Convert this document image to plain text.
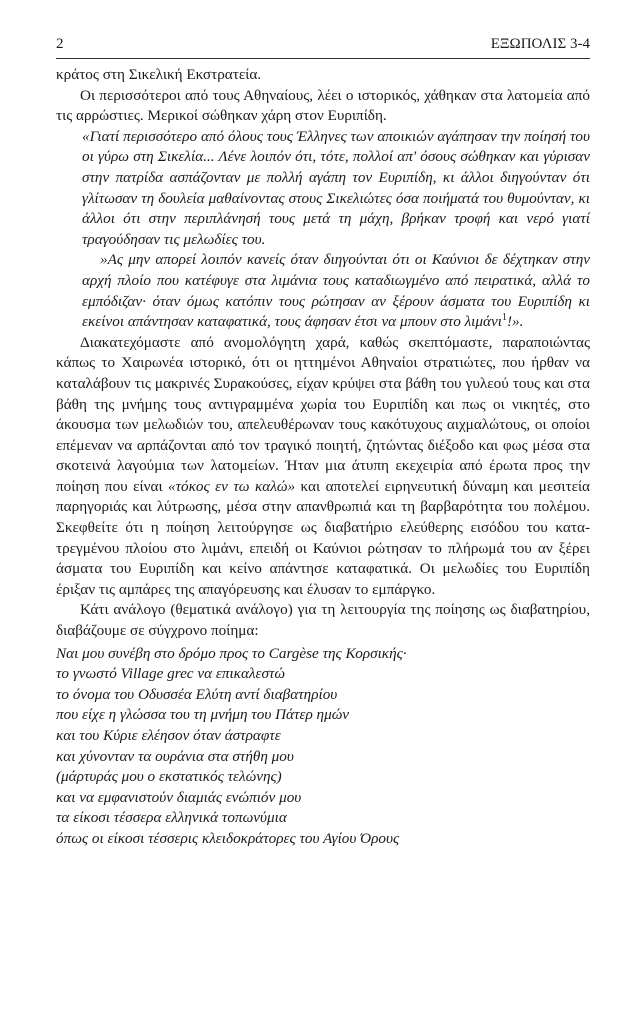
2	ΕΞΩΠΟΛΙΣ 3-4

κράτος στη Σικελική Εκστρατεία.

Οι περισσότεροι από τους Αθηναίους, λέει ο ιστορικός, χάθηκαν στα λατομεία από τις αρρώστιες. Μερικοί σώθηκαν χάρη στον Ευριπίδη.

«Γιατί περισσότερο από όλους τους Έλληνες των αποικιών αγάπησαν την ποίησή του οι γύρω στη Σικελία... Λένε λοιπόν ότι, τότε, πολλοί απ' όσους σώθηκαν και γύρισαν στην πατρίδα ασπάζονταν με πολλή αγάπη τον Ευριπίδη, κι άλλοι διηγούνταν ότι γλίτωσαν τη δουλεία μαθαίνοντας στους Σικελιώτες όσα ποιήματά του θυμούνταν, κι άλλοι ότι στην περιπλάνησή τους μετά τη μάχη, βρήκαν τροφή και νερό γιατί τραγούδησαν τις μελωδίες του.

»Ας μην απορεί λοιπόν κανείς όταν διηγούνται ότι οι Καύνιοι δε δέχτηκαν στην αρχή πλοίο που κατέφυγε στα λιμάνια τους καταδιωγμένο από πειρατικά, αλλά το εμπόδιζαν· όταν όμως κατόπιν τους ρώτησαν αν ξέρουν άσματα του Ευριπίδη κι εκείνοι απάντησαν καταφατικά, τους άφησαν έτσι να μπουν στο λιμάνι$^1$!».

Διακατεχόμαστε από ανομολόγητη χαρά, καθώς σκεπτόμαστε, παραποιώντας κάπως το Χαιρωνέα ιστορικό, ότι οι ηττημένοι Αθηναίοι στρατιώτες, που ήρθαν να καταλάβουν τις μακρινές Συρακούσες, είχαν κρύψει στα βάθη του γυλεού τους και στα βάθη της μνήμης τους αντιγραμμένα χωρία του Ευριπίδη και πως οι νικητές, στο άκουσμα των μελωδιών του, απελευθέρωναν τους κακότυχους αιχμαλώτους, οι οποίοι επέμεναν να αρπάζονται από τον τραγικό ποιητή, ζητώντας διέξοδο και φως μέσα στα σκοτεινά λαγούμια των λατομείων. Ήταν μια άτυπη εκεχειρία από έρωτα προς την ποίηση που είναι «τόκος εν τω καλώ» και αποτελεί ειρηνευτική δύναμη και μεσιτεία παρηγοριάς και λύτρωσης, μέσα στην απανθρωπιά και τη βαρβαρότητα του πολέμου. Σκεφθείτε ότι η ποίηση λειτούργησε ως διαβατήριο ελεύθερης εισόδου του κατατρεγμένου πλοίου στο λιμάνι, επειδή οι Καύνιοι ρώτησαν το πλήρωμά του αν ξέρει άσματα του Ευριπίδη και κείνο απάντησε καταφατικά. Οι μελωδίες του Ευριπίδη έριξαν τις αμπάρες της απαγόρευσης και έλυσαν το εμπάργκο.

Κάτι ανάλογο (θεματικά ανάλογο) για τη λειτουργία της ποίησης ως διαβατηρίου, διαβάζουμε σε σύγχρονο ποίημα:

Ναι μου συνέβη στο δρόμο προς το Cargèse της Κορσικής·
το γνωστό Village grec να επικαλεστώ
το όνομα του Οδυσσέα Ελύτη αντί διαβατηρίου
που είχε η γλώσσα του τη μνήμη του Πάτερ ημών
και του Κύριε ελέησον όταν άστραφτε
και χύνονταν τα ουράνια στα στήθη μου
(μάρτυράς μου ο εκστατικός τελώνης)
και να εμφανιστούν διαμιάς ενώπιόν μου
τα είκοσι τέσσερα ελληνικά τοπωνύμια
όπως οι είκοσι τέσσερις κλειδοκράτορες του Αγίου Όρους
